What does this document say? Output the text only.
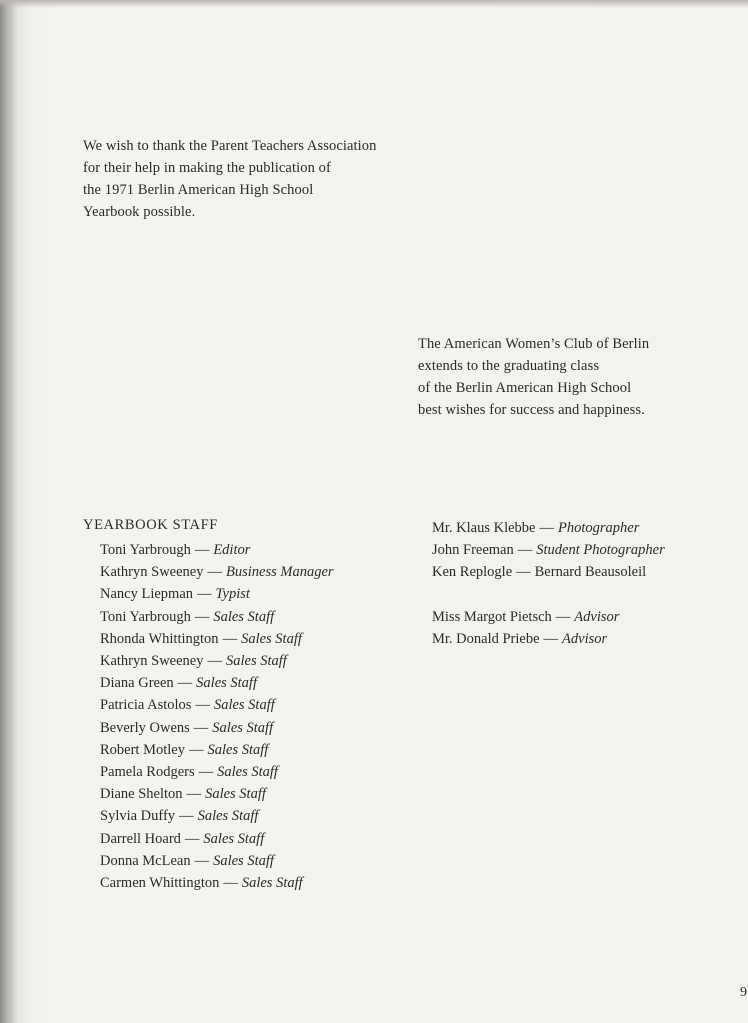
We wish to thank the Parent Teachers Association
for their help in making the publication of
the 1971 Berlin American High School
Yearbook possible.
The American Women’s Club of Berlin
extends to the graduating class
of the Berlin American High School
best wishes for success and happiness.
YEARBOOK STAFF
Toni Yarbrough — Editor
Kathryn Sweeney — Business Manager
Nancy Liepman — Typist
Toni Yarbrough — Sales Staff
Rhonda Whittington — Sales Staff
Kathryn Sweeney — Sales Staff
Diana Green — Sales Staff
Patricia Astolos — Sales Staff
Beverly Owens — Sales Staff
Robert Motley — Sales Staff
Pamela Rodgers — Sales Staff
Diane Shelton — Sales Staff
Sylvia Duffy — Sales Staff
Darrell Hoard — Sales Staff
Donna McLean — Sales Staff
Carmen Whittington — Sales Staff
Mr. Klaus Klebbe — Photographer
John Freeman — Student Photographer
Ken Replogle — Bernard Beausoleil
Miss Margot Pietsch — Advisor
Mr. Donald Priebe — Advisor
9
